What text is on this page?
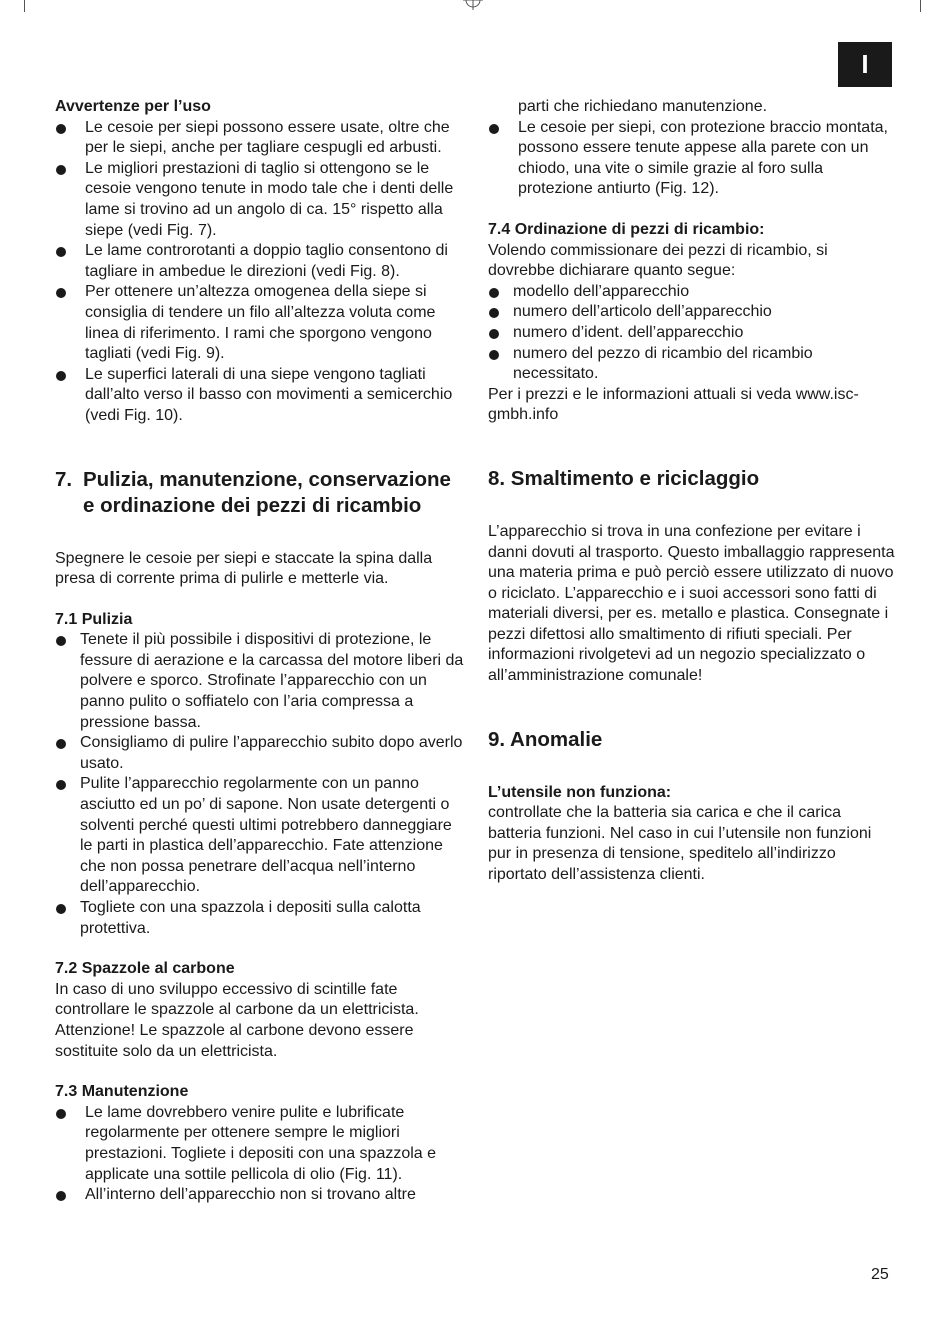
I

Avvertenze per l’uso

Le cesoie per siepi possono essere usate, oltre che per le siepi, anche per tagliare cespugli ed arbusti.
Le migliori prestazioni di taglio si ottengono se le cesoie vengono tenute in modo tale che i denti delle lame si trovino ad un angolo di ca. 15° rispetto alla siepe (vedi Fig. 7).
Le lame controrotanti a doppio taglio consentono di tagliare in ambedue le direzioni (vedi Fig. 8).
Per ottenere un’altezza omogenea della siepe si consiglia di tendere un filo all’altezza voluta come linea di riferimento. I rami che sporgono vengono tagliati (vedi Fig. 9).
Le superfici laterali di una siepe vengono tagliati dall’alto verso il basso con movimenti a semicerchio (vedi Fig. 10).
7. Pulizia, manutenzione, conservazione e ordinazione dei pezzi di ricambio

Spegnere le cesoie per siepi e staccate la spina dalla presa di corrente prima di pulirle e metterle via.

7.1 Pulizia

Tenete il più possibile i dispositivi di protezione, le fessure di aerazione e la carcassa del motore liberi da polvere e sporco. Strofinate l’apparecchio con un panno pulito o soffiatelo con l’aria compressa a pressione bassa.
Consigliamo di pulire l’apparecchio subito dopo averlo usato.
Pulite l’apparecchio regolarmente con un panno asciutto ed un po’ di sapone. Non usate detergenti o solventi perché questi ultimi potrebbero danneggiare le parti in plastica dell’apparecchio. Fate attenzione che non possa penetrare dell’acqua nell’interno dell’apparecchio.
Togliete con una spazzola i depositi sulla calotta protettiva.

7.2 Spazzole al carbone

In caso di uno sviluppo eccessivo di scintille fate controllare le spazzole al carbone da un elettricista. Attenzione! Le spazzole al carbone devono essere sostituite solo da un elettricista.

7.3 Manutenzione

Le lame dovrebbero venire pulite e lubrificate regolarmente per ottenere sempre le migliori prestazioni. Togliete i depositi con una spazzola e applicate una sottile pellicola di olio (Fig. 11).
All’interno dell’apparecchio non si trovano altre

parti che richiedano manutenzione.

Le cesoie per siepi, con protezione braccio montata, possono essere tenute appese alla parete con un chiodo, una vite o simile grazie al foro sulla protezione antiurto (Fig. 12).

7.4 Ordinazione di pezzi di ricambio:

Volendo commissionare dei pezzi di ricambio, si dovrebbe dichiarare quanto segue:

modello dell’apparecchio
numero dell’articolo dell’apparecchio
numero d’ident. dell’apparecchio
numero del pezzo di ricambio del ricambio necessitato.

Per i prezzi e le informazioni attuali si veda www.isc-gmbh.info

8. Smaltimento e riciclaggio

L’apparecchio si trova in una confezione per evitare i danni dovuti al trasporto. Questo imballaggio rappresenta una materia prima e può perciò essere utilizzato di nuovo o riciclato. L’apparecchio e i suoi accessori sono fatti di materiali diversi, per es. metallo e plastica. Consegnate i pezzi difettosi allo smaltimento di rifiuti speciali. Per informazioni rivolgetevi ad un negozio specializzato o all’amministrazione comunale!

9. Anomalie

L’utensile non funziona:

controllate che la batteria sia carica e che il carica batteria funzioni. Nel caso in cui l’utensile non funzioni pur in presenza di tensione, speditelo all’indirizzo riportato dell’assistenza clienti.

25
